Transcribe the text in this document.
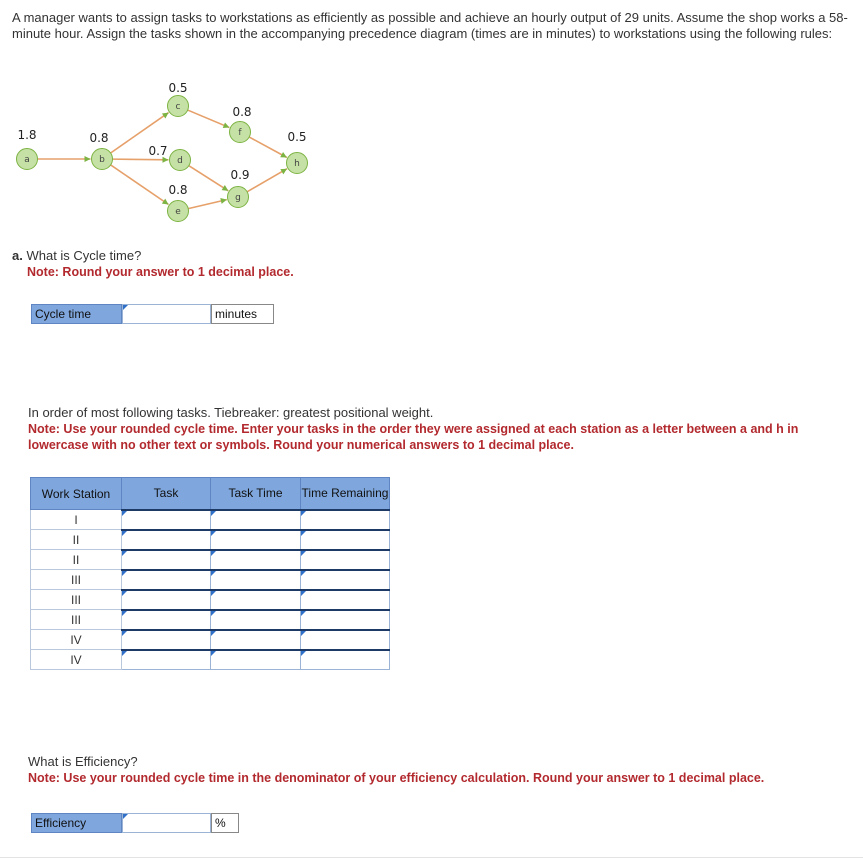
A manager wants to assign tasks to workstations as efficiently as possible and achieve an hourly output of 29 units. Assume the shop works a 58-minute hour. Assign the tasks shown in the accompanying precedence diagram (times are in minutes) to workstations using the following rules:
a
1.8
b
0.8
c
0.5
d
0.7
e
0.8
f
0.8
g
0.9
h
0.5
a. What is Cycle time?
Note: Round your answer to 1 decimal place.
Cycle time	minutes
In order of most following tasks. Tiebreaker: greatest positional weight.
Note: Use your rounded cycle time. Enter your tasks in the order they were assigned at each station as a letter between a and h in lowercase with no other text or symbols. Round your numerical answers to 1 decimal place.
Work Station	Task	Task Time	Time Remaining
I			
II			
II			
III			
III			
III			
IV			
IV			
What is Efficiency?
Note: Use your rounded cycle time in the denominator of your efficiency calculation. Round your answer to 1 decimal place.
Efficiency	%
